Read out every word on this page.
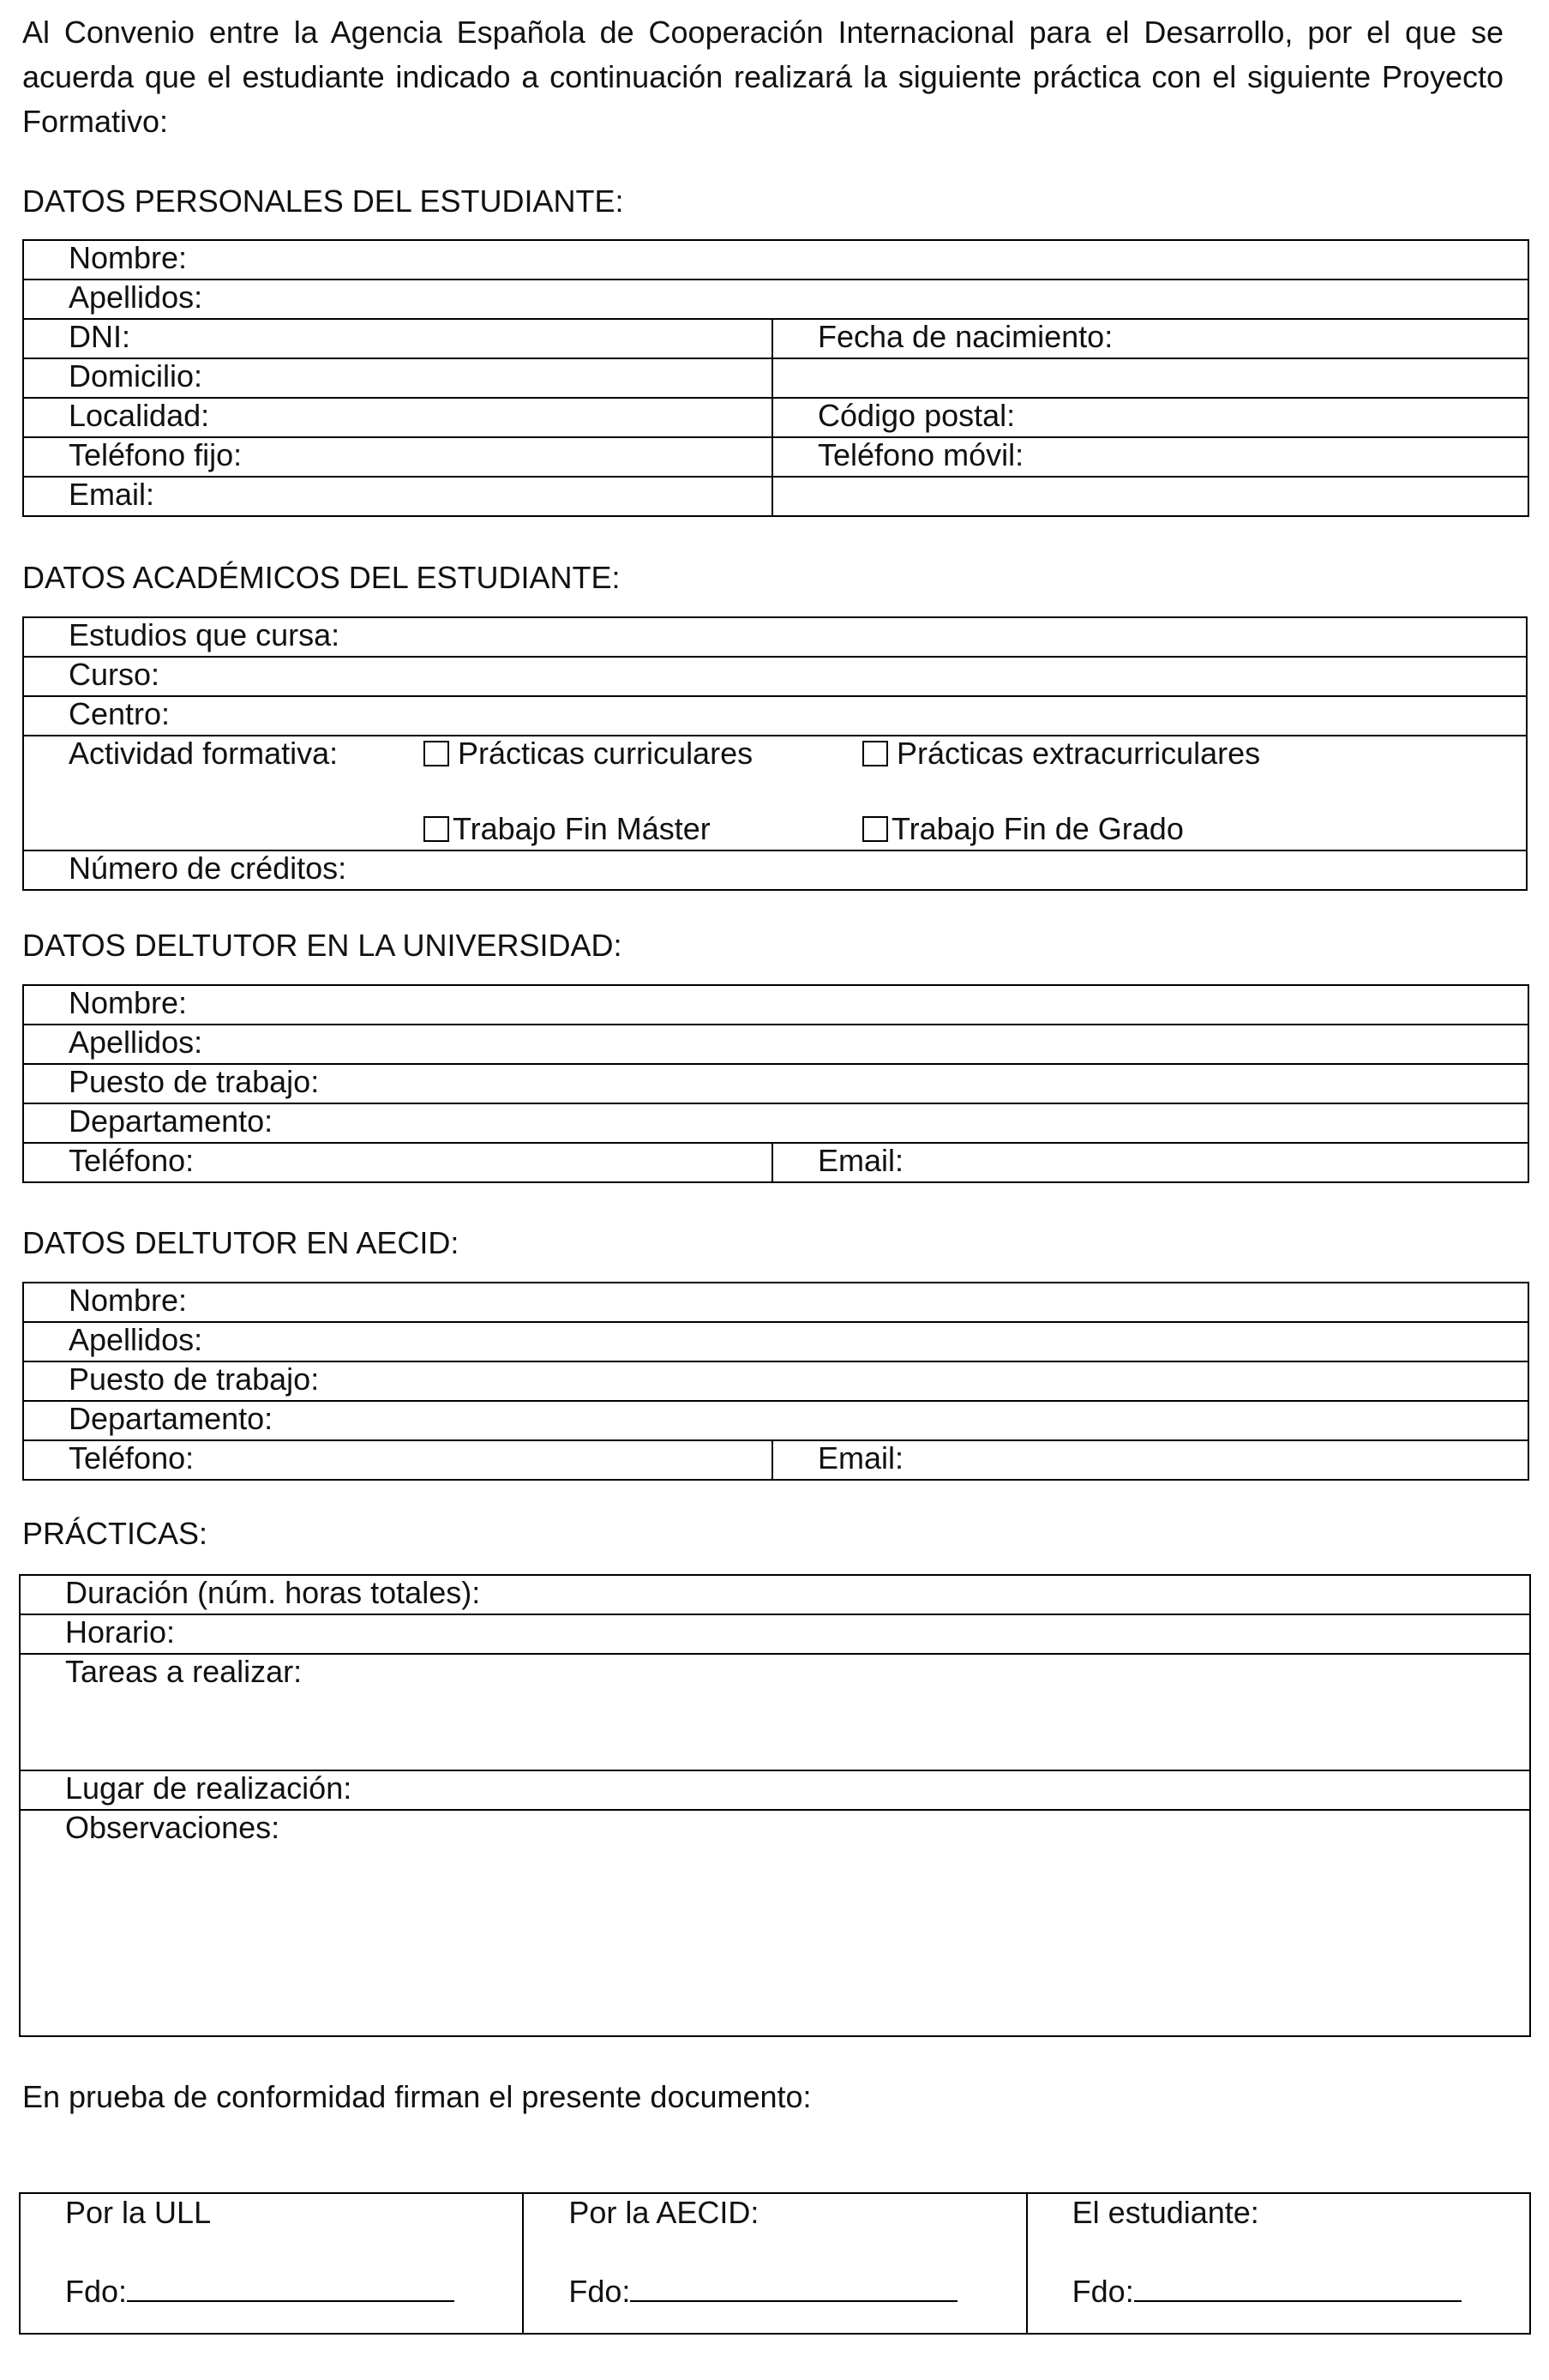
Al Convenio entre la Agencia Española de Cooperación Internacional para el Desarrollo, por el que se acuerda que el estudiante indicado a continuación realizará la siguiente práctica con el siguiente Proyecto Formativo:

DATOS PERSONALES DEL ESTUDIANTE:
Nombre:	
Apellidos:	
DNI:	Fecha de nacimiento:
Domicilio:	
Localidad:	Código postal:
Teléfono fijo:	Teléfono móvil:
Email:	
DATOS ACADÉMICOS DEL ESTUDIANTE:
Estudios que cursa:
Curso:
Centro:

Actividad formativa:	Prácticas curriculares	Prácticas extracurriculares
Trabajo Fin Máster	Trabajo Fin de Grado

Número de créditos:
DATOS DELTUTOR EN LA UNIVERSIDAD:
Nombre:
Apellidos:
Puesto de trabajo:
Departamento:
Teléfono:	Email:
DATOS DELTUTOR EN AECID:
Nombre:
Apellidos:
Puesto de trabajo:
Departamento:
Teléfono:	Email:
PRÁCTICAS:
Duración (núm. horas totales):
Horario:
Tareas a realizar:
Lugar de realización:
Observaciones:

En prueba de conformidad firman el presente documento:

Por la ULL
Fdo:

Por la AECID:
Fdo:

El estudiante:
Fdo:
